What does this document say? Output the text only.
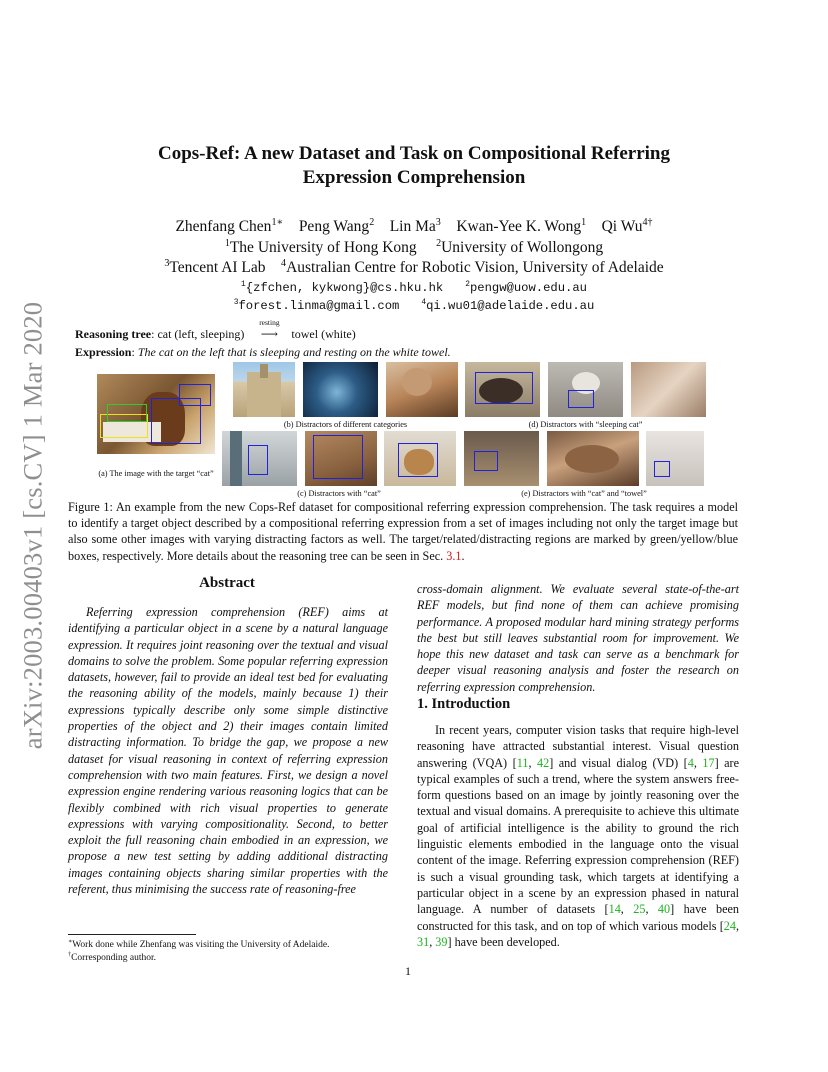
arXiv:2003.00403v1 [cs.CV] 1 Mar 2020
Cops-Ref: A new Dataset and Task on Compositional Referring Expression Comprehension
Zhenfang Chen$^{1∗}$ Peng Wang$^2$ Lin Ma$^3$ Kwan-Yee K. Wong$^1$ Qi $Wu^{4\dagger}$
$^1$The University of Hong Kong $^2$University of Wollongong
$^3$Tencent AI Lab $^4$Australian Centre for Robotic Vision, University of Adelaide
$^1${zfchen, kykwong}@cs.hku.hk	$^2$pengw@uow.edu.au
$^3$forest.linma@gmail.com	$^4$qi.wu01@adelaide.edu.au
Reasoning tree: cat (left, sleeping)
resting
⟶ towel (white)
Expression: The cat on the left that is sleeping and resting on the white towel.
(a) The image with the target “cat”
(b) Distractors of different categories	(d) Distractors with “sleeping cat”
(c) Distractors with “cat”	(e) Distractors with “cat” and “towel”
Figure 1: An example from the new Cops-Ref dataset for compositional referring expression comprehension. The task requires a model to identify a target object described by a compositional referring expression from a set of images including not only the target image but also some other images with varying distracting factors as well. The target/related/distracting regions are marked by green/yellow/blue boxes, respectively. More details about the reasoning tree can be seen in Sec. 3.1.
Abstract
Referring expression comprehension (REF) aims at identifying a particular object in a scene by a natural language expression. It requires joint reasoning over the textual and visual domains to solve the problem. Some popular referring expression datasets, however, fail to provide an ideal test bed for evaluating the reasoning ability of the models, mainly because 1) their expressions typically describe only some simple distinctive properties of the object and 2) their images contain limited distracting information. To bridge the gap, we propose a new dataset for visual reasoning in context of referring expression comprehension with two main features. First, we design a novel expression engine rendering various reasoning logics that can be flexibly combined with rich visual properties to generate expressions with varying compositionality. Second, to better exploit the full reasoning chain embodied in an expression, we propose a new test setting by adding additional distracting images containing objects sharing similar properties with the referent, thus minimising the success rate of reasoning-free
cross-domain alignment. We evaluate several state-of-the-art REF models, but find none of them can achieve promising performance. A proposed modular hard mining strategy performs the best but still leaves substantial room for improvement. We hope this new dataset and task can serve as a benchmark for deeper visual reasoning analysis and foster the research on referring expression comprehension.
1. Introduction
In recent years, computer vision tasks that require high-level reasoning have attracted substantial interest. Visual question answering (VQA) [11, 42] and visual dialog (VD) [4, 17] are typical examples of such a trend, where the system answers free-form questions based on an image by jointly reasoning over the textual and visual domains. A prerequisite to achieve this ultimate goal of artificial intelligence is the ability to ground the rich linguistic elements embodied in the language onto the visual content of the image. Referring expression comprehension (REF) is such a visual grounding task, which targets at identifying a particular object in a scene by an expression phased in natural language. A number of datasets [14, 25, 40] have been constructed for this task, and on top of which various models [24, 31, 39] have been developed.
∗Work done while Zhenfang was visiting the University of Adelaide.
†Corresponding author.
1
